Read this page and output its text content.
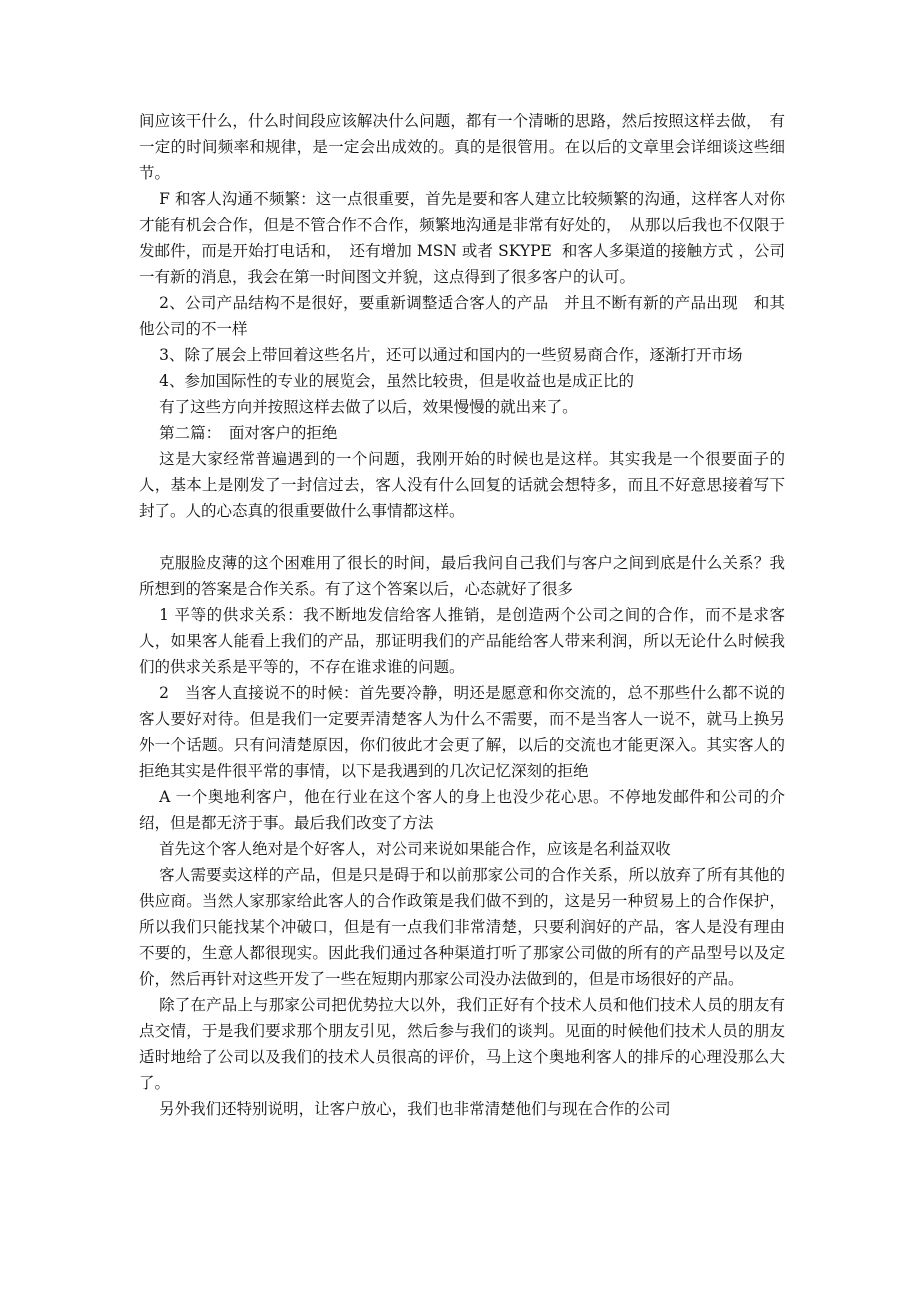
间应该干什么，什么时间段应该解决什么问题，都有一个清晰的思路，然后按照这样去做，　有一定的时间频率和规律，是一定会出成效的。真的是很管用。在以后的文章里会详细谈这些细节。

F 和客人沟通不频繁：这一点很重要，首先是要和客人建立比较频繁的沟通，这样客人对你才能有机会合作，但是不管合作不合作，频繁地沟通是非常有好处的，　从那以后我也不仅限于发邮件，而是开始打电话和，　还有增加 MSN 或者 SKYPE  和客人多渠道的接触方式 ，公司一有新的消息，我会在第一时间图文并貌，这点得到了很多客户的认可。

2、公司产品结构不是很好，要重新调整适合客人的产品　并且不断有新的产品出现　和其他公司的不一样

3、除了展会上带回着这些名片，还可以通过和国内的一些贸易商合作，逐渐打开市场

4、参加国际性的专业的展览会，虽然比较贵，但是收益也是成正比的

有了这些方向并按照这样去做了以后，效果慢慢的就出来了。

第二篇：　面对客户的拒绝

这是大家经常普遍遇到的一个问题，我刚开始的时候也是这样。其实我是一个很要面子的人，基本上是刚发了一封信过去，客人没有什么回复的话就会想特多，而且不好意思接着写下封了。人的心态真的很重要做什么事情都这样。

克服脸皮薄的这个困难用了很长的时间，最后我问自己我们与客户之间到底是什么关系？我所想到的答案是合作关系。有了这个答案以后，心态就好了很多

1 平等的供求关系：我不断地发信给客人推销，是创造两个公司之间的合作，而不是求客人，如果客人能看上我们的产品，那证明我们的产品能给客人带来利润，所以无论什么时候我们的供求关系是平等的，不存在谁求谁的问题。

2　当客人直接说不的时候：首先要冷静，明还是愿意和你交流的，总不那些什么都不说的客人要好对待。但是我们一定要弄清楚客人为什么不需要，而不是当客人一说不，就马上换另外一个话题。只有问清楚原因，你们彼此才会更了解，以后的交流也才能更深入。其实客人的拒绝其实是件很平常的事情，以下是我遇到的几次记忆深刻的拒绝

A 一个奥地利客户，他在行业在这个客人的身上也没少花心思。不停地发邮件和公司的介绍，但是都无济于事。最后我们改变了方法

首先这个客人绝对是个好客人，对公司来说如果能合作，应该是名利益双收

客人需要卖这样的产品，但是只是碍于和以前那家公司的合作关系，所以放弃了所有其他的供应商。当然人家那家给此客人的合作政策是我们做不到的，这是另一种贸易上的合作保护，所以我们只能找某个冲破口，但是有一点我们非常清楚，只要利润好的产品，客人是没有理由不要的，生意人都很现实。因此我们通过各种渠道打听了那家公司做的所有的产品型号以及定价，然后再针对这些开发了一些在短期内那家公司没办法做到的，但是市场很好的产品。

除了在产品上与那家公司把优势拉大以外，我们正好有个技术人员和他们技术人员的朋友有点交情，于是我们要求那个朋友引见，然后参与我们的谈判。见面的时候他们技术人员的朋友适时地给了公司以及我们的技术人员很高的评价，马上这个奥地利客人的排斥的心理没那么大了。

另外我们还特别说明，让客户放心，我们也非常清楚他们与现在合作的公司
